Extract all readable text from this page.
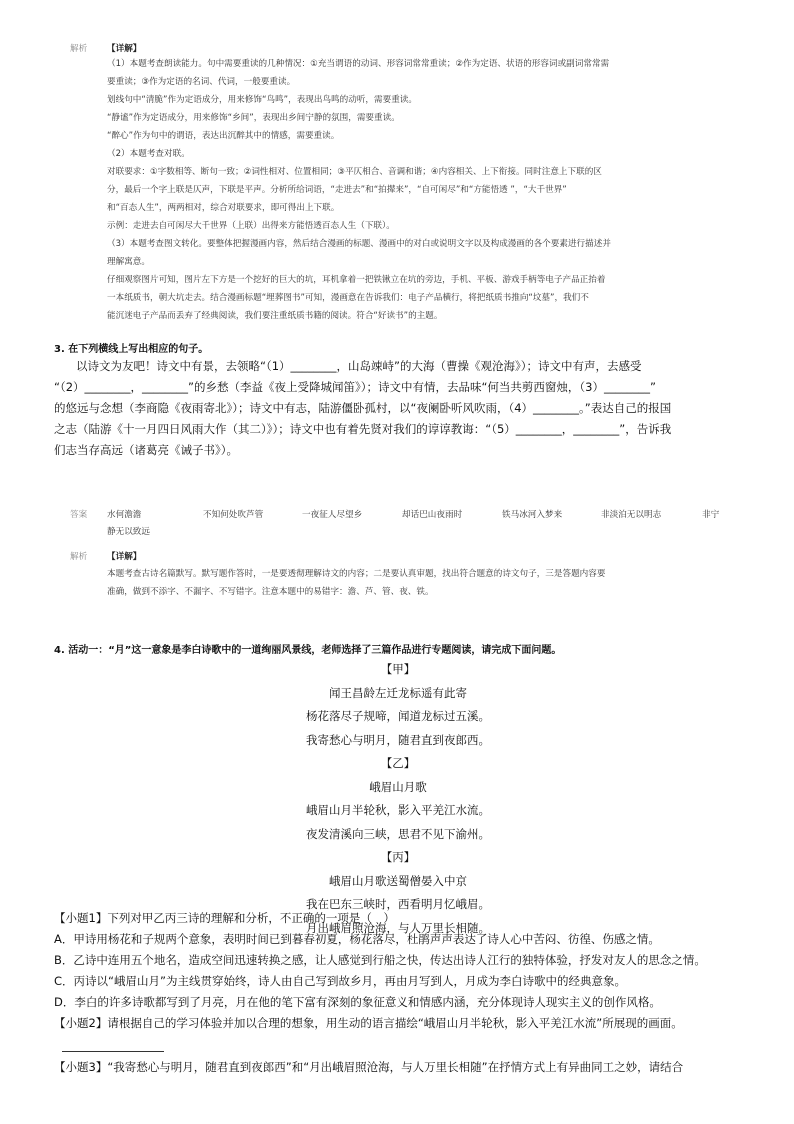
解析 【详解】
（1）本题考查朗读能力。句中需要重读的几种情况：①充当谓语的动词、形容词常常重读；②作为定语、状语的形容词或副词常常需
要重读；③作为定语的名词、代词，一般要重读。
划线句中“清脆”作为定语成分，用来修饰“鸟鸣”，表现出鸟鸣的动听，需要重读。
“静谧”作为定语成分，用来修饰“乡间”，表现出乡间宁静的氛围，需要重读。
“醉心”作为句中的谓语，表达出沉醉其中的情感，需要重读。
（2）本题考查对联。
对联要求：①字数相等、断句一致；②词性相对、位置相同；③平仄相合、音调和谐；④内容相关、上下衔接。同时注意上下联的区
分，最后一个字上联是仄声，下联是平声。分析所给词语，“走进去”和“拍撵来”，“自可闲尽”和“方能悟透 ”，“大千世界”
和“百态人生”，两两相对，综合对联要求，即可得出上下联。
示例：走进去自可闲尽大千世界（上联）出得来方能悟透百态人生（下联）。
（3）本题考查图文转化。要整体把握漫画内容，然后结合漫画的标题、漫画中的对白或说明文字以及构成漫画的各个要素进行描述并
理解寓意。
仔细观察图片可知，图片左下方是一个挖好的巨大的坑，耳机拿着一把铁锹立在坑的旁边，手机、平板、游戏手柄等电子产品正抬着
一本纸质书，朝大坑走去。结合漫画标题“埋葬图书”可知，漫画意在告诉我们：电子产品横行，将把纸质书推向“坟墓”，我们不
能沉迷电子产品而丢弃了经典阅读，我们要注重纸质书籍的阅读。符合“好读书”的主题。
3. 在下列横线上写出相应的句子。
以诗文为友吧！诗文中有景，去领略“（1）________，山岛竦峙”的大海（曹操《观沧海》）；诗文中有声，去感受
“（2）________，________”的乡愁（李益《夜上受降城闻笛》）；诗文中有情，去品味“何当共剪西窗烛，（3）________”
的悠远与念想（李商隐《夜雨寄北》）；诗文中有志，陆游僵卧孤村，以“夜阑卧听风吹雨，（4）________。”表达自己的报国
之志（陆游《十一月四日风雨大作（其二）》）；诗文中也有着先贤对我们的谆谆教诲：“（5）________，________”，告诉我
们志当存高远（诸葛亮《诫子书》）。
答案 水何澹澹	不知何处吹芦管	一夜征人尽望乡	却话巴山夜雨时	铁马冰河入梦来	非淡泊无以明志	非宁
静无以致远
解析 【详解】
本题考查古诗名篇默写。默写题作答时，一是要透彻理解诗文的内容；二是要认真审题，找出符合题意的诗文句子，三是答题内容要
准确，做到不添字、不漏字、不写错字。注意本题中的易错字：澹、芦、管、夜、铁。
4. 活动一：“月”这一意象是李白诗歌中的一道绚丽风景线，老师选择了三篇作品进行专题阅读，请完成下面问题。
【甲】
闻王昌龄左迁龙标遥有此寄
杨花落尽子规啼，闻道龙标过五溪。
我寄愁心与明月，随君直到夜郎西。
【乙】
峨眉山月歌
峨眉山月半轮秋，影入平羌江水流。
夜发清溪向三峡，思君不见下渝州。
【丙】
峨眉山月歌送蜀僧晏入中京
我在巴东三峡时，西看明月忆峨眉。
月出峨眉照沧海，与人万里长相随。
【小题1】下列对甲乙丙三诗的理解和分析，不正确的一项是（　）
A．甲诗用杨花和子规两个意象，表明时间已到暮春初夏，杨花落尽，杜鹃声声表达了诗人心中苦闷、彷徨、伤感之情。
B．乙诗中连用五个地名，造成空间迅速转换之感，让人感觉到行船之快，传达出诗人江行的独特体验，抒发对友人的思念之情。
C．丙诗以“峨眉山月”为主线贯穿始终，诗人由自己写到故乡月，再由月写到人，月成为李白诗歌中的经典意象。
D．李白的许多诗歌都写到了月亮，月在他的笔下富有深刻的象征意义和情感内涵，充分体现诗人现实主义的创作风格。
【小题2】请根据自己的学习体验并加以合理的想象，用生动的语言描绘“峨眉山月半轮秋，影入平羌江水流”所展现的画面。
【小题3】“我寄愁心与明月，随君直到夜郎西”和“月出峨眉照沧海，与人万里长相随”在抒情方式上有异曲同工之妙，请结合
